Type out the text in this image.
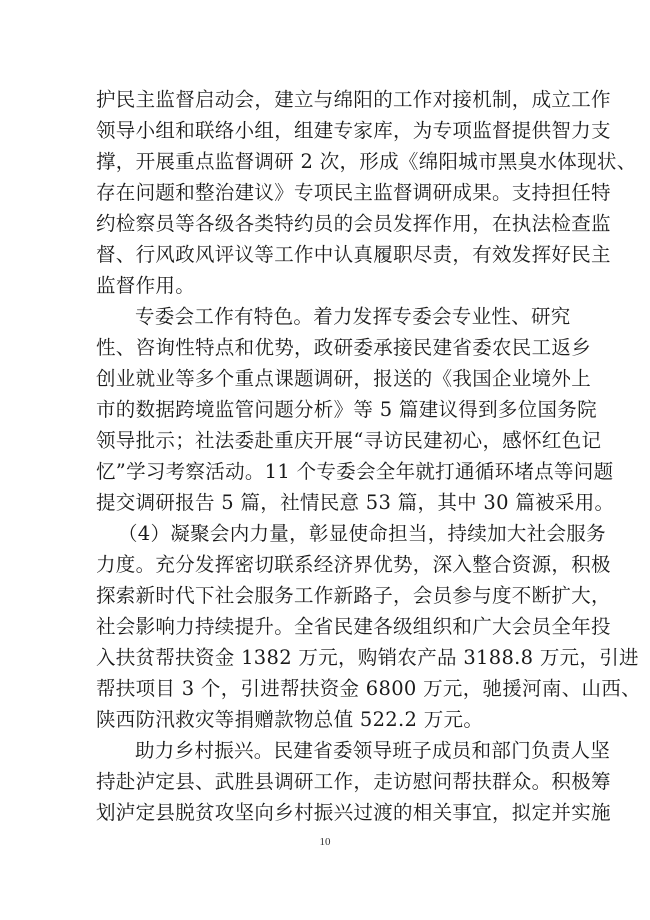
护民主监督启动会，建立与绵阳的工作对接机制，成立工作
领导小组和联络小组，组建专家库，为专项监督提供智力支
撑，开展重点监督调研 2 次，形成《绵阳城市黑臭水体现状、
存在问题和整治建议》专项民主监督调研成果。支持担任特
约检察员等各级各类特约员的会员发挥作用，在执法检查监
督、行风政风评议等工作中认真履职尽责，有效发挥好民主
监督作用。
专委会工作有特色。着力发挥专委会专业性、研究
性、咨询性特点和优势，政研委承接民建省委农民工返乡
创业就业等多个重点课题调研，报送的《我国企业境外上
市的数据跨境监管问题分析》等 5 篇建议得到多位国务院
领导批示；社法委赴重庆开展“寻访民建初心，感怀红色记
忆”学习考察活动。11 个专委会全年就打通循环堵点等问题
提交调研报告 5 篇，社情民意 53 篇，其中 30 篇被采用。
（4）凝聚会内力量，彰显使命担当，持续加大社会服务
力度。充分发挥密切联系经济界优势，深入整合资源，积极
探索新时代下社会服务工作新路子，会员参与度不断扩大，
社会影响力持续提升。全省民建各级组织和广大会员全年投
入扶贫帮扶资金 1382 万元，购销农产品 3188.8 万元，引进
帮扶项目 3 个，引进帮扶资金 6800 万元，驰援河南、山西、
陕西防汛救灾等捐赠款物总值 522.2 万元。
助力乡村振兴。民建省委领导班子成员和部门负责人坚
持赴泸定县、武胜县调研工作，走访慰问帮扶群众。积极筹
划泸定县脱贫攻坚向乡村振兴过渡的相关事宜，拟定并实施
10
